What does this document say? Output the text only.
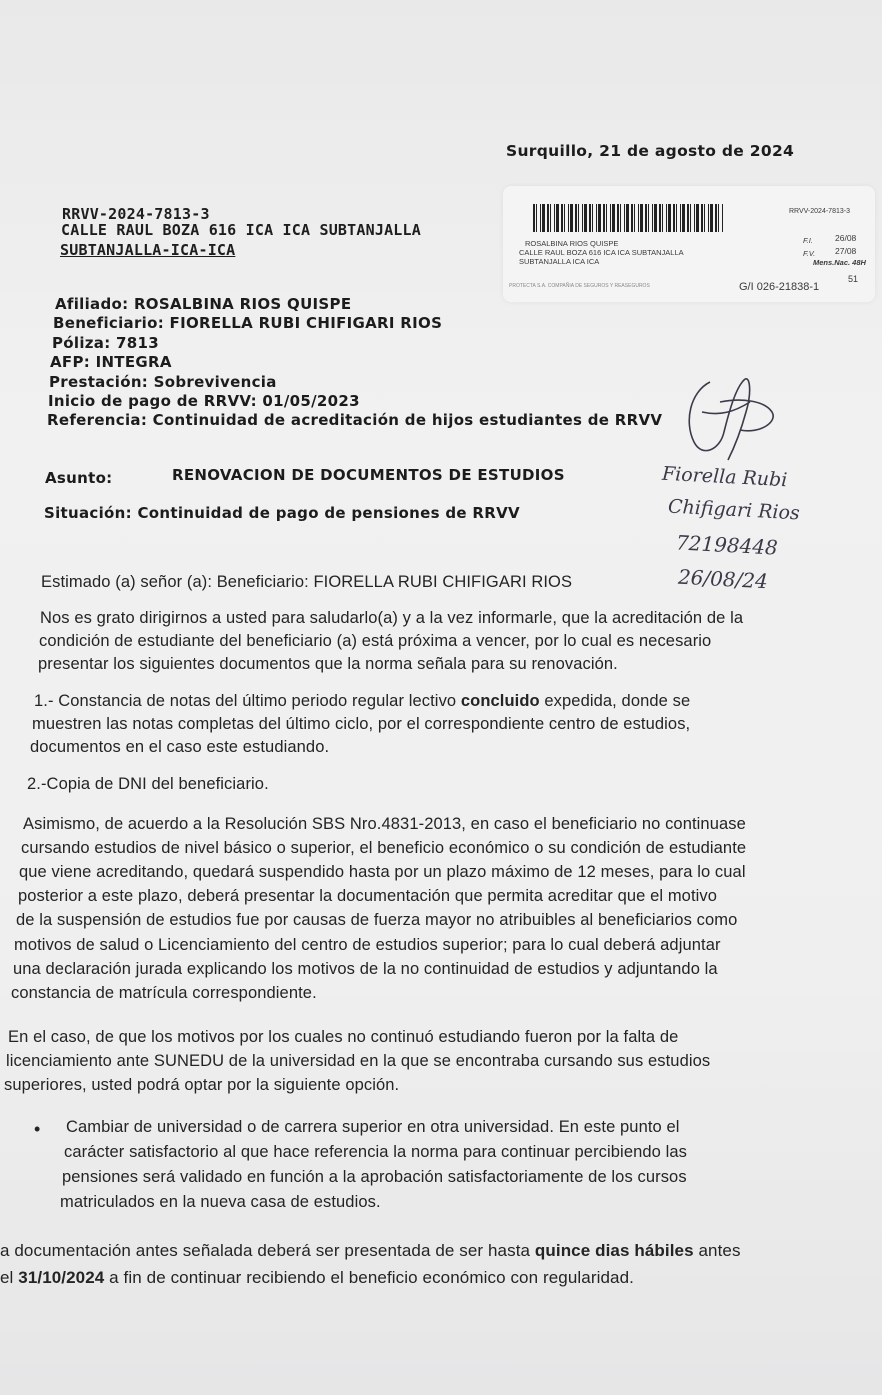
Surquillo, 21 de agosto de 2024
RRVV-2024-7813-3
CALLE RAUL BOZA 616 ICA ICA SUBTANJALLA
SUBTANJALLA-ICA-ICA
RRVV-2024-7813-3
ROSALBINA RIOS QUISPE
CALLE RAUL BOZA 616 ICA ICA SUBTANJALLA
SUBTANJALLA ICA ICA
F.I.	26/08
F.V. 27/08
Mens.Nac. 48H
PROTECTA S.A. COMPAÑIA DE SEGUROS Y REASEGUROS	G/I 026-21838-1
51
Afiliado: ROSALBINA RIOS QUISPE
Beneficiario: FIORELLA RUBI CHIFIGARI RIOS
Póliza: 7813
AFP: INTEGRA
Prestación: Sobrevivencia
Inicio de pago de RRVV: 01/05/2023
Referencia: Continuidad de acreditación de hijos estudiantes de RRVV
Fiorella Rubi
Chifigari Rios
72198448
26/08/24
Asunto:	RENOVACION DE DOCUMENTOS DE ESTUDIOS
Situación: Continuidad de pago de pensiones de RRVV
Estimado (a) señor (a): Beneficiario: FIORELLA RUBI CHIFIGARI RIOS
Nos es grato dirigirnos a usted para saludarlo(a) y a la vez informarle, que la acreditación de la
condición de estudiante del beneficiario (a) está próxima a vencer, por lo cual es necesario
presentar los siguientes documentos que la norma señala para su renovación.
1.- Constancia de notas del último periodo regular lectivo concluido expedida, donde se
muestren las notas completas del último ciclo, por el correspondiente centro de estudios,
documentos en el caso este estudiando.
2.-Copia de DNI del beneficiario.
Asimismo, de acuerdo a la Resolución SBS Nro.4831-2013, en caso el beneficiario no continuase
cursando estudios de nivel básico o superior, el beneficio económico o su condición de estudiante
que viene acreditando, quedará suspendido hasta por un plazo máximo de 12 meses, para lo cual
posterior a este plazo, deberá presentar la documentación que permita acreditar que el motivo
de la suspensión de estudios fue por causas de fuerza mayor no atribuibles al beneficiarios como
motivos de salud o Licenciamiento del centro de estudios superior; para lo cual deberá adjuntar
una declaración jurada explicando los motivos de la no continuidad de estudios y adjuntando la
constancia de matrícula correspondiente.
En el caso, de que los motivos por los cuales no continuó estudiando fueron por la falta de
licenciamiento ante SUNEDU de la universidad en la que se encontraba cursando sus estudios
superiores, usted podrá optar por la siguiente opción.
• Cambiar de universidad o de carrera superior en otra universidad. En este punto el
carácter satisfactorio al que hace referencia la norma para continuar percibiendo las
pensiones será validado en función a la aprobación satisfactoriamente de los cursos
matriculados en la nueva casa de estudios.
a documentación antes señalada deberá ser presentada de ser hasta quince dias hábiles antes
el 31/10/2024 a fin de continuar recibiendo el beneficio económico con regularidad.
